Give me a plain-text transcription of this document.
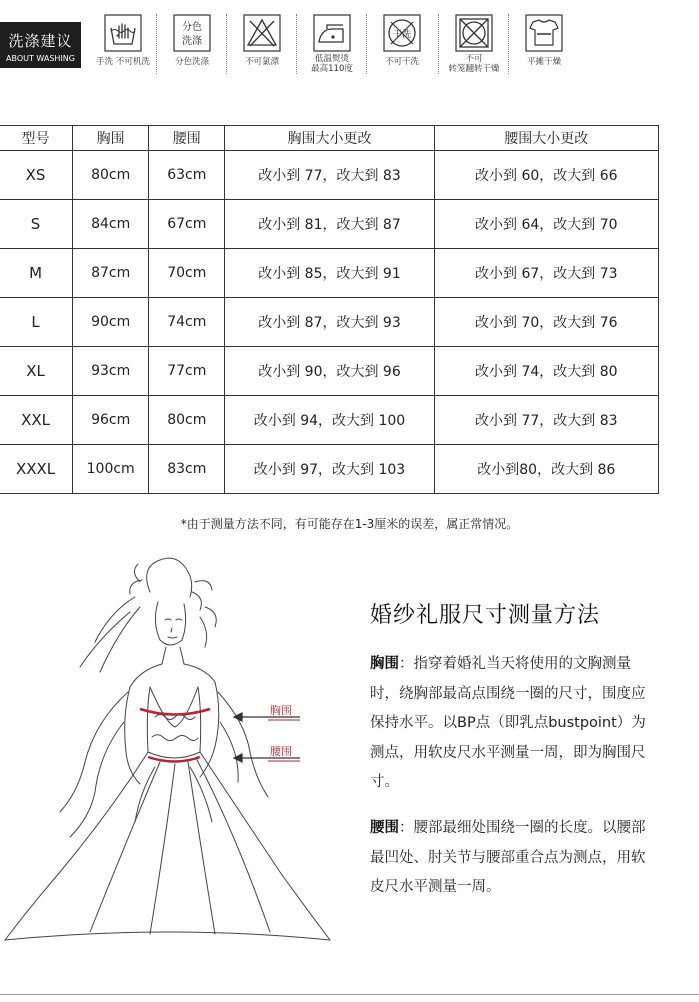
洗涤建议
ABOUT WASHING	手洗 不可机洗
分色
洗涤
分色洗涤	不可氯漂	低温熨烫
最高110度
干洗
不可干洗	不可
转笼翻转干燥
平摊干燥
型号	胸围	腰围	胸围大小更改	腰围大小更改
XS	80cm	63cm	改小到 77，改大到 83	改小到 60，改大到 66
S	84cm	67cm	改小到 81，改大到 87	改小到 64，改大到 70
M	87cm	70cm	改小到 85，改大到 91	改小到 67，改大到 73
L	90cm	74cm	改小到 87，改大到 93	改小到 70，改大到 76
XL	93cm	77cm	改小到 90，改大到 96	改小到 74，改大到 80
XXL	96cm	80cm	改小到 94，改大到 100	改小到 77，改大到 83
XXXL	100cm	83cm	改小到 97，改大到 103	改小到80，改大到 86
*由于测量方法不同，有可能存在1-3厘米的误差，属正常情况。
胸围
腰围
婚纱礼服尺寸测量方法
胸围：指穿着婚礼当天将使用的文胸测量时，绕胸部最高点围绕一圈的尺寸，围度应保持水平。以BP点（即乳点bustpoint）为测点，用软皮尺水平测量一周，即为胸围尺寸。
腰围：腰部最细处围绕一圈的长度。以腰部最凹处、肘关节与腰部重合点为测点，用软皮尺水平测量一周。
